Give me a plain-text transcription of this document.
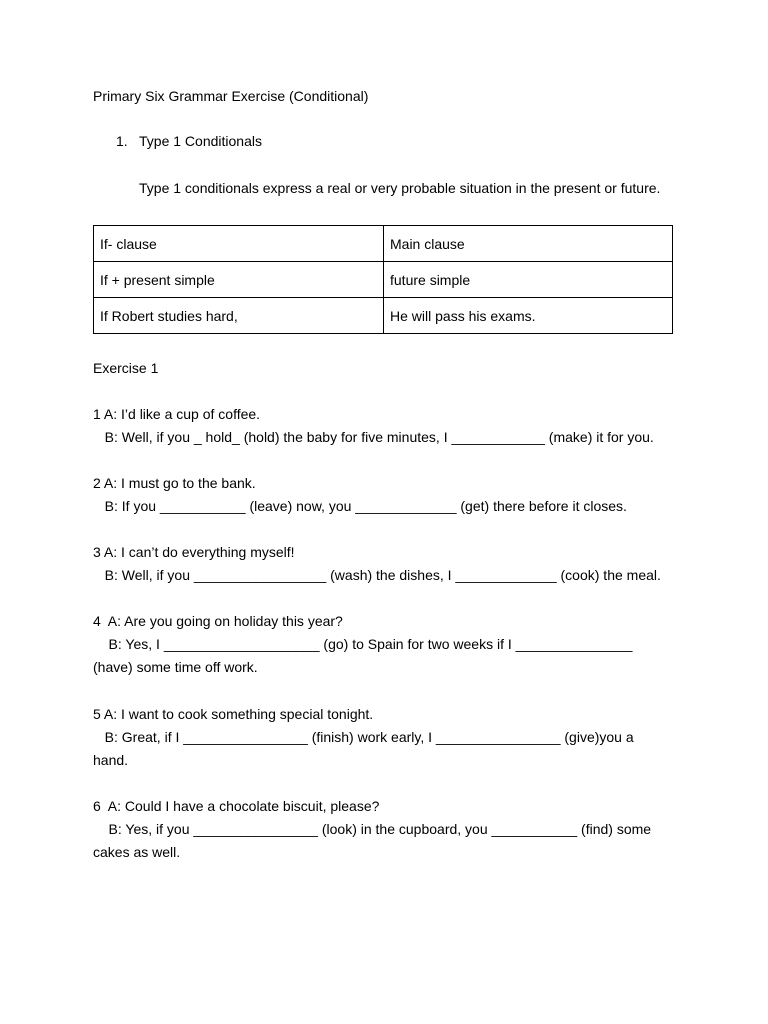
Primary Six Grammar Exercise (Conditional)
1. Type 1 Conditionals
Type 1 conditionals express a real or very probable situation in the present or future.
If- clause	Main clause
If + present simple	future simple
If Robert studies hard,	He will pass his exams.
Exercise 1
1 A: I’d like a cup of coffee.
B: Well, if you _ hold_ (hold) the baby for five minutes, I ____________ (make) it for you.
2 A: I must go to the bank.
B: If you ___________ (leave) now, you _____________ (get) there before it closes.
3 A: I can’t do everything myself!
B: Well, if you _________________ (wash) the dishes, I _____________ (cook) the meal.
4  A: Are you going on holiday this year?
B: Yes, I ____________________ (go) to Spain for two weeks if I _______________
(have) some time off work.
5 A: I want to cook something special tonight.
B: Great, if I ________________ (finish) work early, I ________________ (give)you a
hand.
6  A: Could I have a chocolate biscuit, please?
B: Yes, if you ________________ (look) in the cupboard, you ___________ (find) some
cakes as well.
